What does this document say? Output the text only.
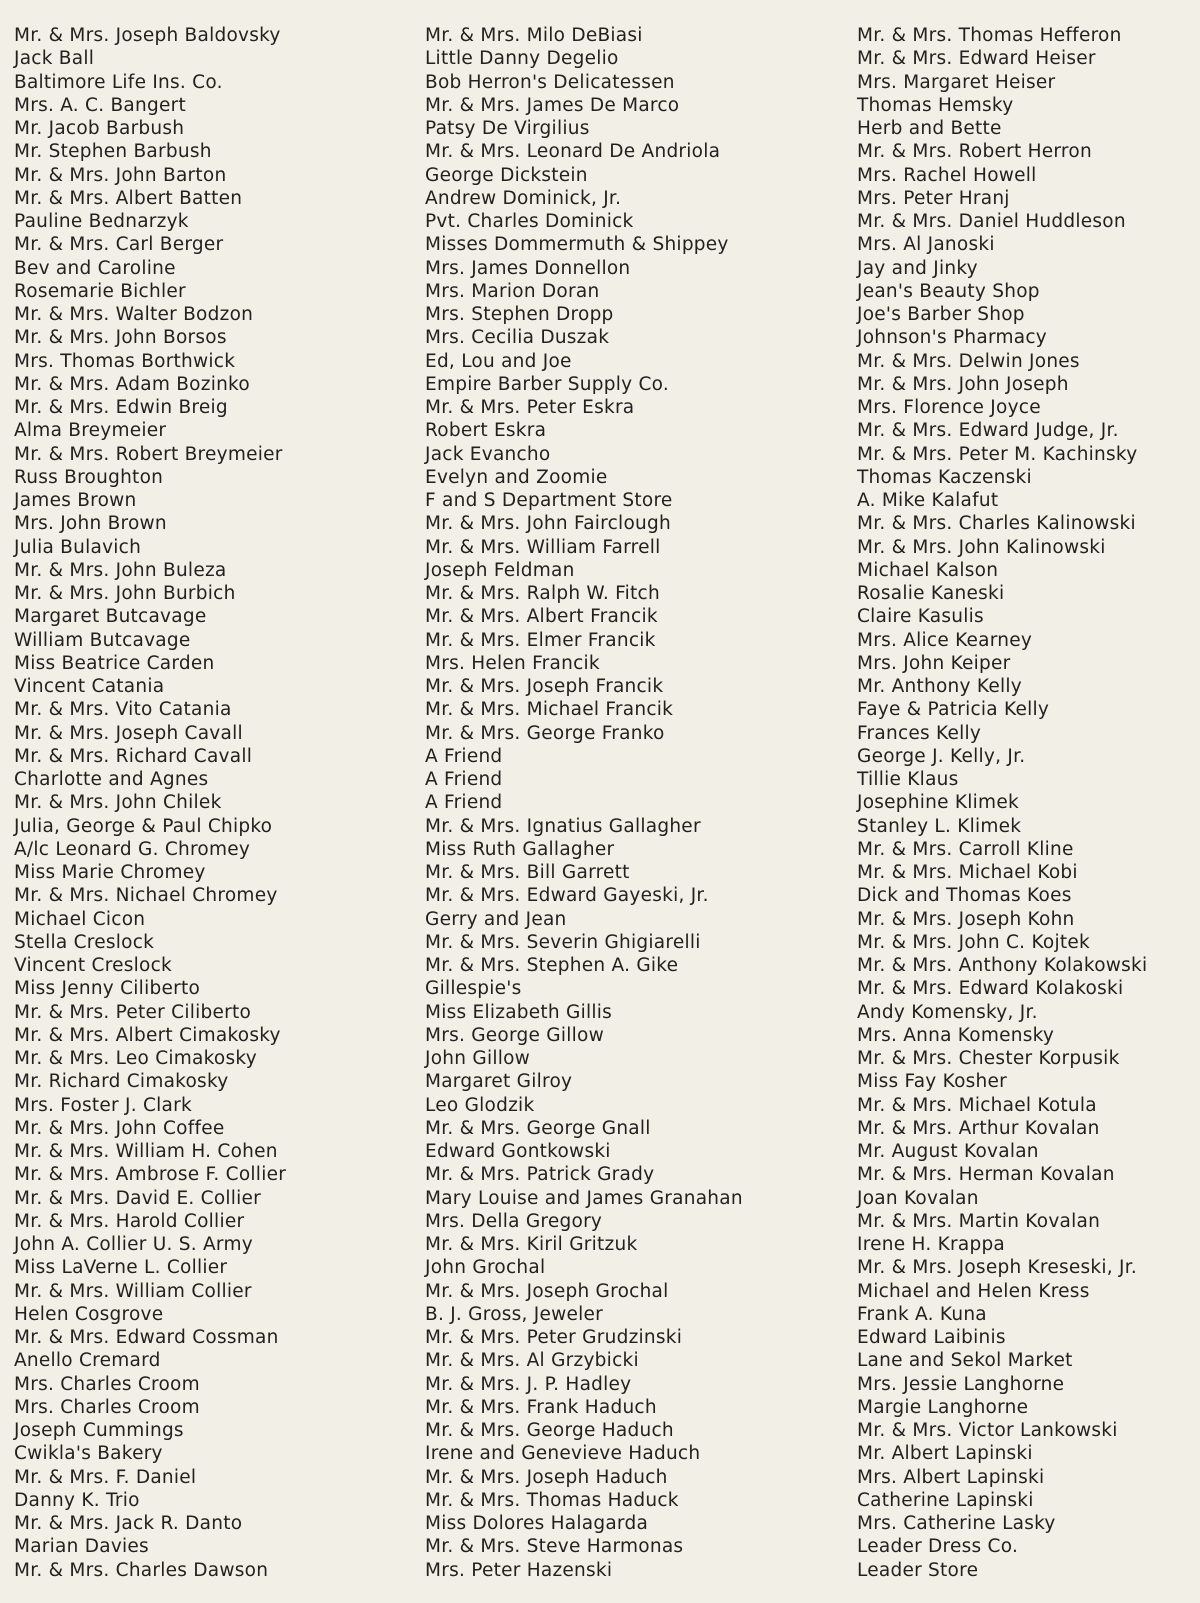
Mr. & Mrs. Joseph Baldovsky

Jack Ball

Baltimore Life Ins. Co.

Mrs. A. C. Bangert

Mr. Jacob Barbush

Mr. Stephen Barbush

Mr. & Mrs. John Barton

Mr. & Mrs. Albert Batten

Pauline Bednarzyk

Mr. & Mrs. Carl Berger

Bev and Caroline

Rosemarie Bichler

Mr. & Mrs. Walter Bodzon

Mr. & Mrs. John Borsos

Mrs. Thomas Borthwick

Mr. & Mrs. Adam Bozinko

Mr. & Mrs. Edwin Breig

Alma Breymeier

Mr. & Mrs. Robert Breymeier

Russ Broughton

James Brown

Mrs. John Brown

Julia Bulavich

Mr. & Mrs. John Buleza

Mr. & Mrs. John Burbich

Margaret Butcavage

William Butcavage

Miss Beatrice Carden

Vincent Catania

Mr. & Mrs. Vito Catania

Mr. & Mrs. Joseph Cavall

Mr. & Mrs. Richard Cavall

Charlotte and Agnes

Mr. & Mrs. John Chilek

Julia, George & Paul Chipko

A/lc Leonard G. Chromey

Miss Marie Chromey

Mr. & Mrs. Nichael Chromey

Michael Cicon

Stella Creslock

Vincent Creslock

Miss Jenny Ciliberto

Mr. & Mrs. Peter Ciliberto

Mr. & Mrs. Albert Cimakosky

Mr. & Mrs. Leo Cimakosky

Mr. Richard Cimakosky

Mrs. Foster J. Clark

Mr. & Mrs. John Coffee

Mr. & Mrs. William H. Cohen

Mr. & Mrs. Ambrose F. Collier

Mr. & Mrs. David E. Collier

Mr. & Mrs. Harold Collier

John A. Collier U. S. Army

Miss LaVerne L. Collier

Mr. & Mrs. William Collier

Helen Cosgrove

Mr. & Mrs. Edward Cossman

Anello Cremard

Mrs. Charles Croom

Mrs. Charles Croom

Joseph Cummings

Cwikla's Bakery

Mr. & Mrs. F. Daniel

Danny K. Trio

Mr. & Mrs. Jack R. Danto

Marian Davies

Mr. & Mrs. Charles Dawson

Mr. & Mrs. Milo DeBiasi

Little Danny Degelio

Bob Herron's Delicatessen

Mr. & Mrs. James De Marco

Patsy De Virgilius

Mr. & Mrs. Leonard De Andriola

George Dickstein

Andrew Dominick, Jr.

Pvt. Charles Dominick

Misses Dommermuth & Shippey

Mrs. James Donnellon

Mrs. Marion Doran

Mrs. Stephen Dropp

Mrs. Cecilia Duszak

Ed, Lou and Joe

Empire Barber Supply Co.

Mr. & Mrs. Peter Eskra

Robert Eskra

Jack Evancho

Evelyn and Zoomie

F and S Department Store

Mr. & Mrs. John Fairclough

Mr. & Mrs. William Farrell

Joseph Feldman

Mr. & Mrs. Ralph W. Fitch

Mr. & Mrs. Albert Francik

Mr. & Mrs. Elmer Francik

Mrs. Helen Francik

Mr. & Mrs. Joseph Francik

Mr. & Mrs. Michael Francik

Mr. & Mrs. George Franko

A Friend

A Friend

A Friend

Mr. & Mrs. Ignatius Gallagher

Miss Ruth Gallagher

Mr. & Mrs. Bill Garrett

Mr. & Mrs. Edward Gayeski, Jr.

Gerry and Jean

Mr. & Mrs. Severin Ghigiarelli

Mr. & Mrs. Stephen A. Gike

Gillespie's

Miss Elizabeth Gillis

Mrs. George Gillow

John Gillow

Margaret Gilroy

Leo Glodzik

Mr. & Mrs. George Gnall

Edward Gontkowski

Mr. & Mrs. Patrick Grady

Mary Louise and James Granahan

Mrs. Della Gregory

Mr. & Mrs. Kiril Gritzuk

John Grochal

Mr. & Mrs. Joseph Grochal

B. J. Gross, Jeweler

Mr. & Mrs. Peter Grudzinski

Mr. & Mrs. Al Grzybicki

Mr. & Mrs. J. P. Hadley

Mr. & Mrs. Frank Haduch

Mr. & Mrs. George Haduch

Irene and Genevieve Haduch

Mr. & Mrs. Joseph Haduch

Mr. & Mrs. Thomas Haduck

Miss Dolores Halagarda

Mr. & Mrs. Steve Harmonas

Mrs. Peter Hazenski

Mr. & Mrs. Thomas Hefferon

Mr. & Mrs. Edward Heiser

Mrs. Margaret Heiser

Thomas Hemsky

Herb and Bette

Mr. & Mrs. Robert Herron

Mrs. Rachel Howell

Mrs. Peter Hranj

Mr. & Mrs. Daniel Huddleson

Mrs. Al Janoski

Jay and Jinky

Jean's Beauty Shop

Joe's Barber Shop

Johnson's Pharmacy

Mr. & Mrs. Delwin Jones

Mr. & Mrs. John Joseph

Mrs. Florence Joyce

Mr. & Mrs. Edward Judge, Jr.

Mr. & Mrs. Peter M. Kachinsky

Thomas Kaczenski

A. Mike Kalafut

Mr. & Mrs. Charles Kalinowski

Mr. & Mrs. John Kalinowski

Michael Kalson

Rosalie Kaneski

Claire Kasulis

Mrs. Alice Kearney

Mrs. John Keiper

Mr. Anthony Kelly

Faye & Patricia Kelly

Frances Kelly

George J. Kelly, Jr.

Tillie Klaus

Josephine Klimek

Stanley L. Klimek

Mr. & Mrs. Carroll Kline

Mr. & Mrs. Michael Kobi

Dick and Thomas Koes

Mr. & Mrs. Joseph Kohn

Mr. & Mrs. John C. Kojtek

Mr. & Mrs. Anthony Kolakowski

Mr. & Mrs. Edward Kolakoski

Andy Komensky, Jr.

Mrs. Anna Komensky

Mr. & Mrs. Chester Korpusik

Miss Fay Kosher

Mr. & Mrs. Michael Kotula

Mr. & Mrs. Arthur Kovalan

Mr. August Kovalan

Mr. & Mrs. Herman Kovalan

Joan Kovalan

Mr. & Mrs. Martin Kovalan

Irene H. Krappa

Mr. & Mrs. Joseph Kreseski, Jr.

Michael and Helen Kress

Frank A. Kuna

Edward Laibinis

Lane and Sekol Market

Mrs. Jessie Langhorne

Margie Langhorne

Mr. & Mrs. Victor Lankowski

Mr. Albert Lapinski

Mrs. Albert Lapinski

Catherine Lapinski

Mrs. Catherine Lasky

Leader Dress Co.

Leader Store
